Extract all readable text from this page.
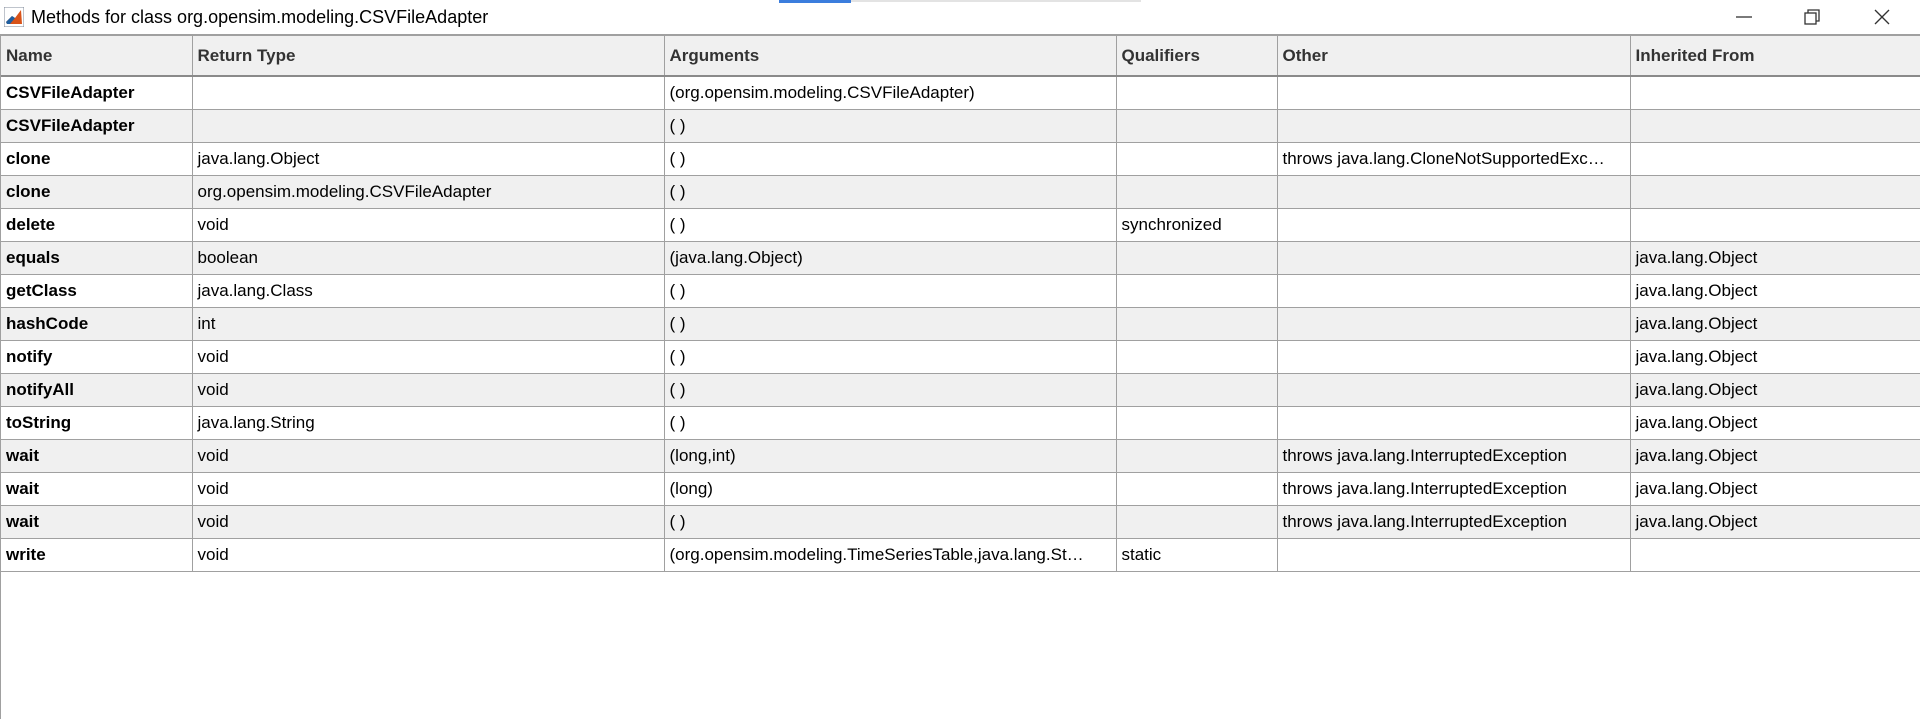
Methods for class org.opensim.modeling.CSVFileAdapter
Name	Return Type	Arguments	Qualifiers	Other	Inherited From
CSVFileAdapter		(org.opensim.modeling.CSVFileAdapter)			
CSVFileAdapter		( )			
clone	java.lang.Object	( )		throws java.lang.CloneNotSupportedExc…	
clone	org.opensim.modeling.CSVFileAdapter	( )			
delete	void	( )	synchronized		
equals	boolean	(java.lang.Object)			java.lang.Object
getClass	java.lang.Class	( )			java.lang.Object
hashCode	int	( )			java.lang.Object
notify	void	( )			java.lang.Object
notifyAll	void	( )			java.lang.Object
toString	java.lang.String	( )			java.lang.Object
wait	void	(long,int)		throws java.lang.InterruptedException	java.lang.Object
wait	void	(long)		throws java.lang.InterruptedException	java.lang.Object
wait	void	( )		throws java.lang.InterruptedException	java.lang.Object
write	void	(org.opensim.modeling.TimeSeriesTable,java.lang.St…	static		
